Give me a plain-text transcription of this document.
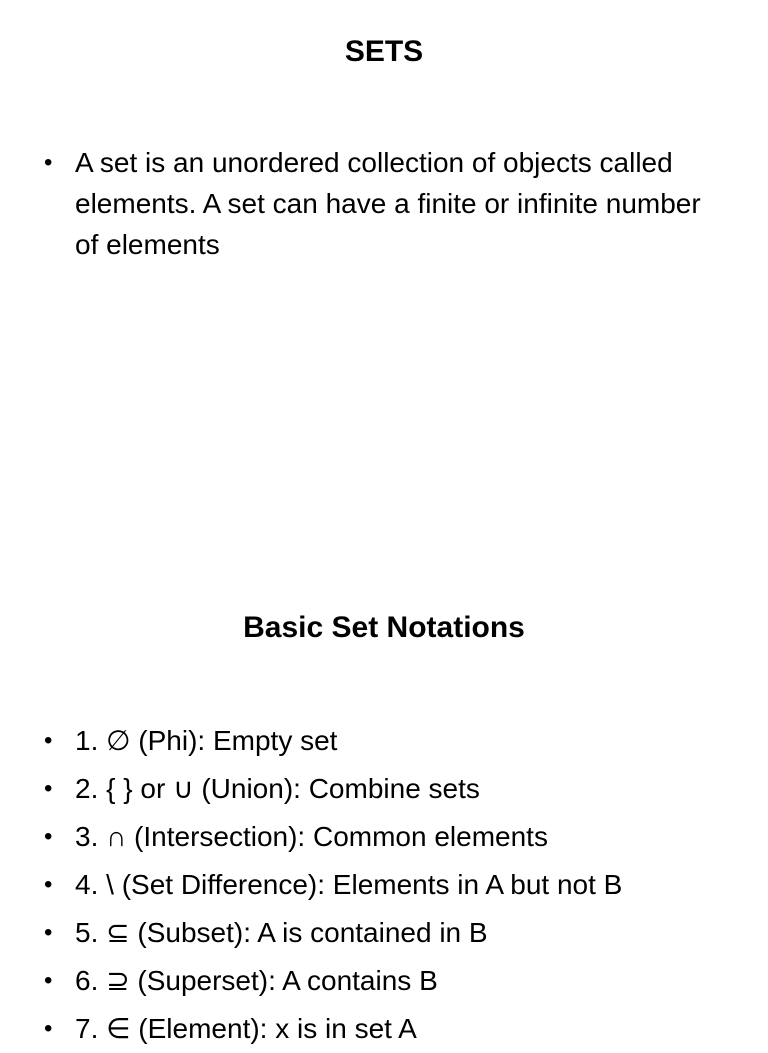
SETS
• A set is an unordered collection of objects called elements. A set can have a finite or infinite number of elements
Basic Set Notations
• 1. ∅ (Phi): Empty set
• 2. { } or ∪ (Union): Combine sets
• 3. ∩ (Intersection): Common elements
• 4. \ (Set Difference): Elements in A but not B
• 5. ⊆ (Subset): A is contained in B
• 6. ⊇ (Superset): A contains B
• 7. ∈ (Element): x is in set A
